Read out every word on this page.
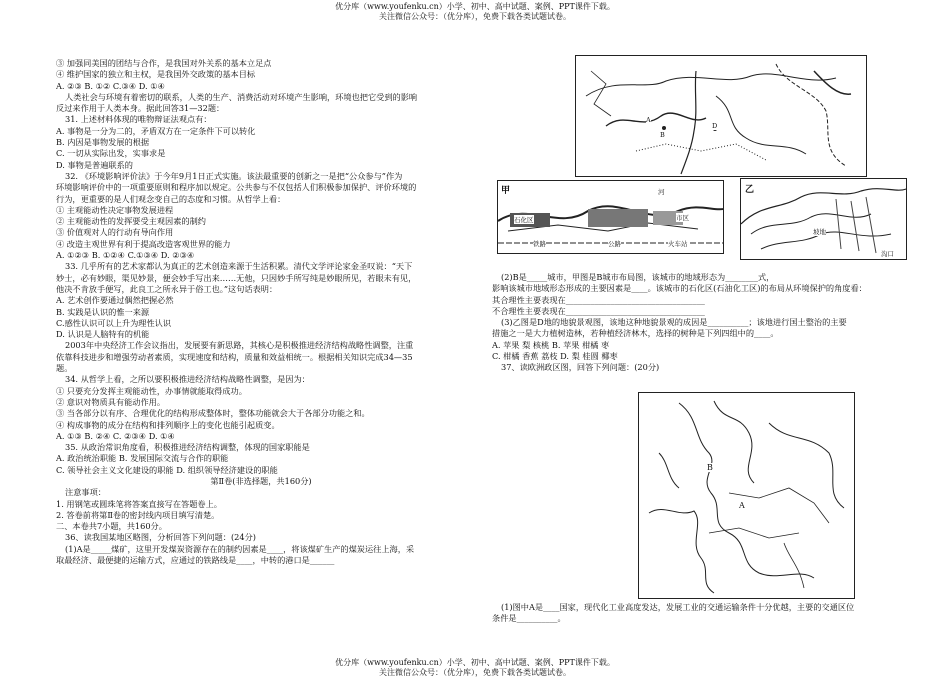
优分库（www.youfenku.cn）小学、初中、高中试题、案例、PPT课件下载。
关注微信公众号：（优分库），免费下载各类试题试卷。

③ 加强同美国的团结与合作，是我国对外关系的基本立足点

④ 维护国家的独立和主权，是我国外交政策的基本目标

A. ②③ B. ①② C.③④ D. ①④

人类社会与环境有着密切的联系，人类的生产、消费活动对环境产生影响，环境也把它受到的影响

反过来作用于人类本身。据此回答31—32题：

31. 上述材料体现的唯物辩证法观点有：

A. 事物是一分为二的，矛盾双方在一定条件下可以转化

B. 内因是事物发展的根据

C. 一切从实际出发，实事求是

D. 事物是普遍联系的

32. 《环境影响评价法》于今年9月1日正式实施。该法最重要的创新之一是把“公众参与”作为

环境影响评价中的一项重要原则和程序加以规定。公共参与不仅包括人们积极参加保护、评价环境的

行为，更重要的是人们观念变自己的态度和习惯。从哲学上看：

① 主观能动性决定事物发展进程

② 主观能动性的发挥要受主观因素的制约

③ 价值观对人的行动有导向作用

④ 改造主观世界有利于提高改造客观世界的能力

A. ①②③ B. ①②④ C.①③④ D. ②③④

33. 几乎所有的艺术家都认为真正的艺术创造来源于生活积累。清代文学评论家金圣叹说：“天下

妙士，必有妙眼，渠见妙景，便会妙手写出来……无他，只因妙手所写纯是妙眼所见，若眼未有见，

他决不肯放手便写，此良工之所永异于俗工也。”这句话表明：

A. 艺术创作要通过偶然把握必然

B. 实践是认识的惟一来源

C.感性认识可以上升为理性认识

D. 认识是人脑特有的机能

2003年中央经济工作会议指出，发展要有新思路，其核心是积极推进经济结构战略性调整，注重

依靠科技进步和增强劳动者素质，实现速度和结构，质量和效益相统一。根据相关知识完成34—35

题。

34. 从哲学上看，之所以要积极推进经济结构战略性调整，是因为：

① 只要充分发挥主观能动性，办事情就能取得成功。

② 意识对物质具有能动作用。

③ 当各部分以有序、合理优化的结构形成整体时，整体功能就会大于各部分功能之和。

④ 构成事物的成分在结构和排列顺序上的变化也能引起质变。

A. ①③ B. ②④ C. ②③④ D. ①④

35. 从政治常识角度看，积极推进经济结构调整，体现的国家职能是

A. 政治统治职能 B. 发展国际交流与合作的职能

C. 领导社会主义文化建设的职能 D. 组织领导经济建设的职能

第Ⅱ卷(非选择题，共160分)

注意事项：

1. 用钢笔或圆珠笔将答案直接写在答题卷上。

2. 答卷前将第Ⅱ卷的密封线内项目填写清楚。

二、本卷共7小题，共160分。

36、读我国某地区略图，分析回答下列问题：(24分)

(1)A是_____煤矿，这里开发煤炭资源存在的制约因素是____，将该煤矿生产的煤炭运往上海，采

取最经济、最便捷的运输方式，应通过的铁路线是____，中转的港口是______

A
B
D
甲	河
石化区	市区
铁路	公路	火车站
乙
坡地
沟口

(2)B是_____城市，甲图是B城市布局图，该城市的地域形态为________式，

影响该城市地域形态形成的主要因素是____。该城市的石化区(石油化工区)的布局从环境保护的角度看：

其合理性主要表现在__________________________________

不合理性主要表现在__________________________________

(3)乙图是D地的地貌景观图，该地这种地貌景观的成因是__________；该地进行国土整治的主要

措施之一是大力植树造林，若种植经济林木，选择的树种是下列四组中的____。

A. 苹果 梨 核桃 B. 苹果 柑橘 枣

C. 柑橘 香蕉 荔枝 D. 梨 桂圆 椰枣

37、读欧洲政区图，回答下列问题：(20分)

A
B

(1)图中A是____国家，现代化工业高度发达，发展工业的交通运输条件十分优越，主要的交通区位

条件是__________。

优分库（www.youfenku.cn）小学、初中、高中试题、案例、PPT课件下载。
关注微信公众号：（优分库），免费下载各类试题试卷。
